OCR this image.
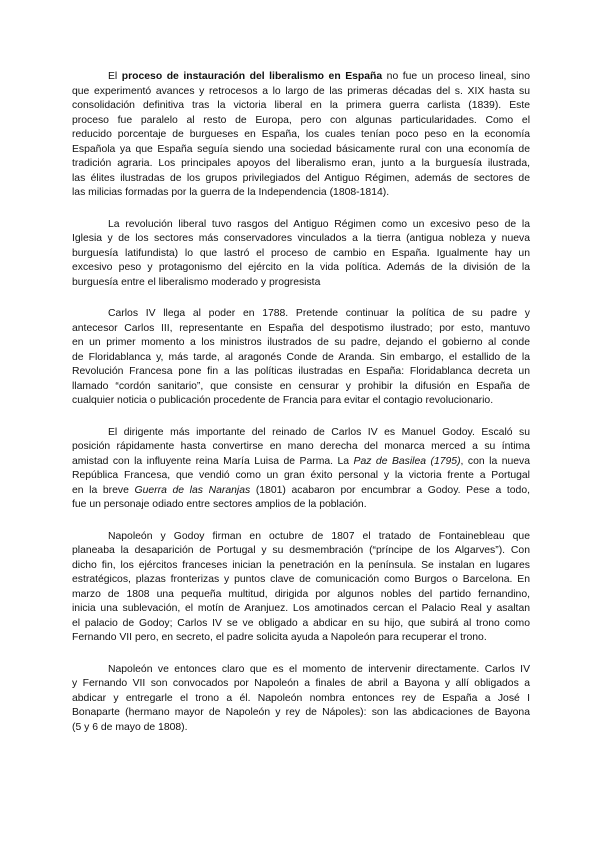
El proceso de instauración del liberalismo en España no fue un proceso lineal, sino
que experimentó avances y retrocesos a lo largo de las primeras décadas del s. XIX hasta su
consolidación definitiva tras la victoria liberal en la primera guerra carlista (1839). Este
proceso fue paralelo al resto de Europa, pero con algunas particularidades. Como el
reducido porcentaje de burgueses en España, los cuales tenían poco peso en la economía
Española ya que España seguía siendo una sociedad básicamente rural con una economía de
tradición agraria. Los principales apoyos del liberalismo eran, junto a la burguesía ilustrada,
las élites ilustradas de los grupos privilegiados del Antiguo Régimen, además de sectores de
las milicias formadas por la guerra de la Independencia (1808-1814).
La revolución liberal tuvo rasgos del Antiguo Régimen como un excesivo peso de la
Iglesia y de los sectores más conservadores vinculados a la tierra (antigua nobleza y nueva
burguesía latifundista) lo que lastró el proceso de cambio en España. Igualmente hay un
excesivo peso y protagonismo del ejército en la vida política. Además de la división de la
burguesía entre el liberalismo moderado y progresista
Carlos IV llega al poder en 1788. Pretende continuar la política de su padre y
antecesor Carlos III, representante en España del despotismo ilustrado; por esto, mantuvo
en un primer momento a los ministros ilustrados de su padre, dejando el gobierno al conde
de Floridablanca y, más tarde, al aragonés Conde de Aranda. Sin embargo, el estallido de la
Revolución Francesa pone fin a las políticas ilustradas en España: Floridablanca decreta un
llamado “cordón sanitario”, que consiste en censurar y prohibir la difusión en España de
cualquier noticia o publicación procedente de Francia para evitar el contagio revolucionario.
El dirigente más importante del reinado de Carlos IV es Manuel Godoy. Escaló su
posición rápidamente hasta convertirse en mano derecha del monarca merced a su íntima
amistad con la influyente reina María Luisa de Parma. La Paz de Basilea (1795), con la nueva
República Francesa, que vendió como un gran éxito personal y la victoria frente a Portugal
en la breve Guerra de las Naranjas (1801) acabaron por encumbrar a Godoy. Pese a todo,
fue un personaje odiado entre sectores amplios de la población.
Napoleón y Godoy firman en octubre de 1807 el tratado de Fontainebleau que
planeaba la desaparición de Portugal y su desmembración (“príncipe de los Algarves”). Con
dicho fin, los ejércitos franceses inician la penetración en la península. Se instalan en lugares
estratégicos, plazas fronterizas y puntos clave de comunicación como Burgos o Barcelona. En
marzo de 1808 una pequeña multitud, dirigida por algunos nobles del partido fernandino,
inicia una sublevación, el motín de Aranjuez. Los amotinados cercan el Palacio Real y asaltan
el palacio de Godoy; Carlos IV se ve obligado a abdicar en su hijo, que subirá al trono como
Fernando VII pero, en secreto, el padre solicita ayuda a Napoleón para recuperar el trono.
Napoleón ve entonces claro que es el momento de intervenir directamente. Carlos IV
y Fernando VII son convocados por Napoleón a finales de abril a Bayona y allí obligados a
abdicar y entregarle el trono a él. Napoleón nombra entonces rey de España a José I
Bonaparte (hermano mayor de Napoleón y rey de Nápoles): son las abdicaciones de Bayona
(5 y 6 de mayo de 1808).
